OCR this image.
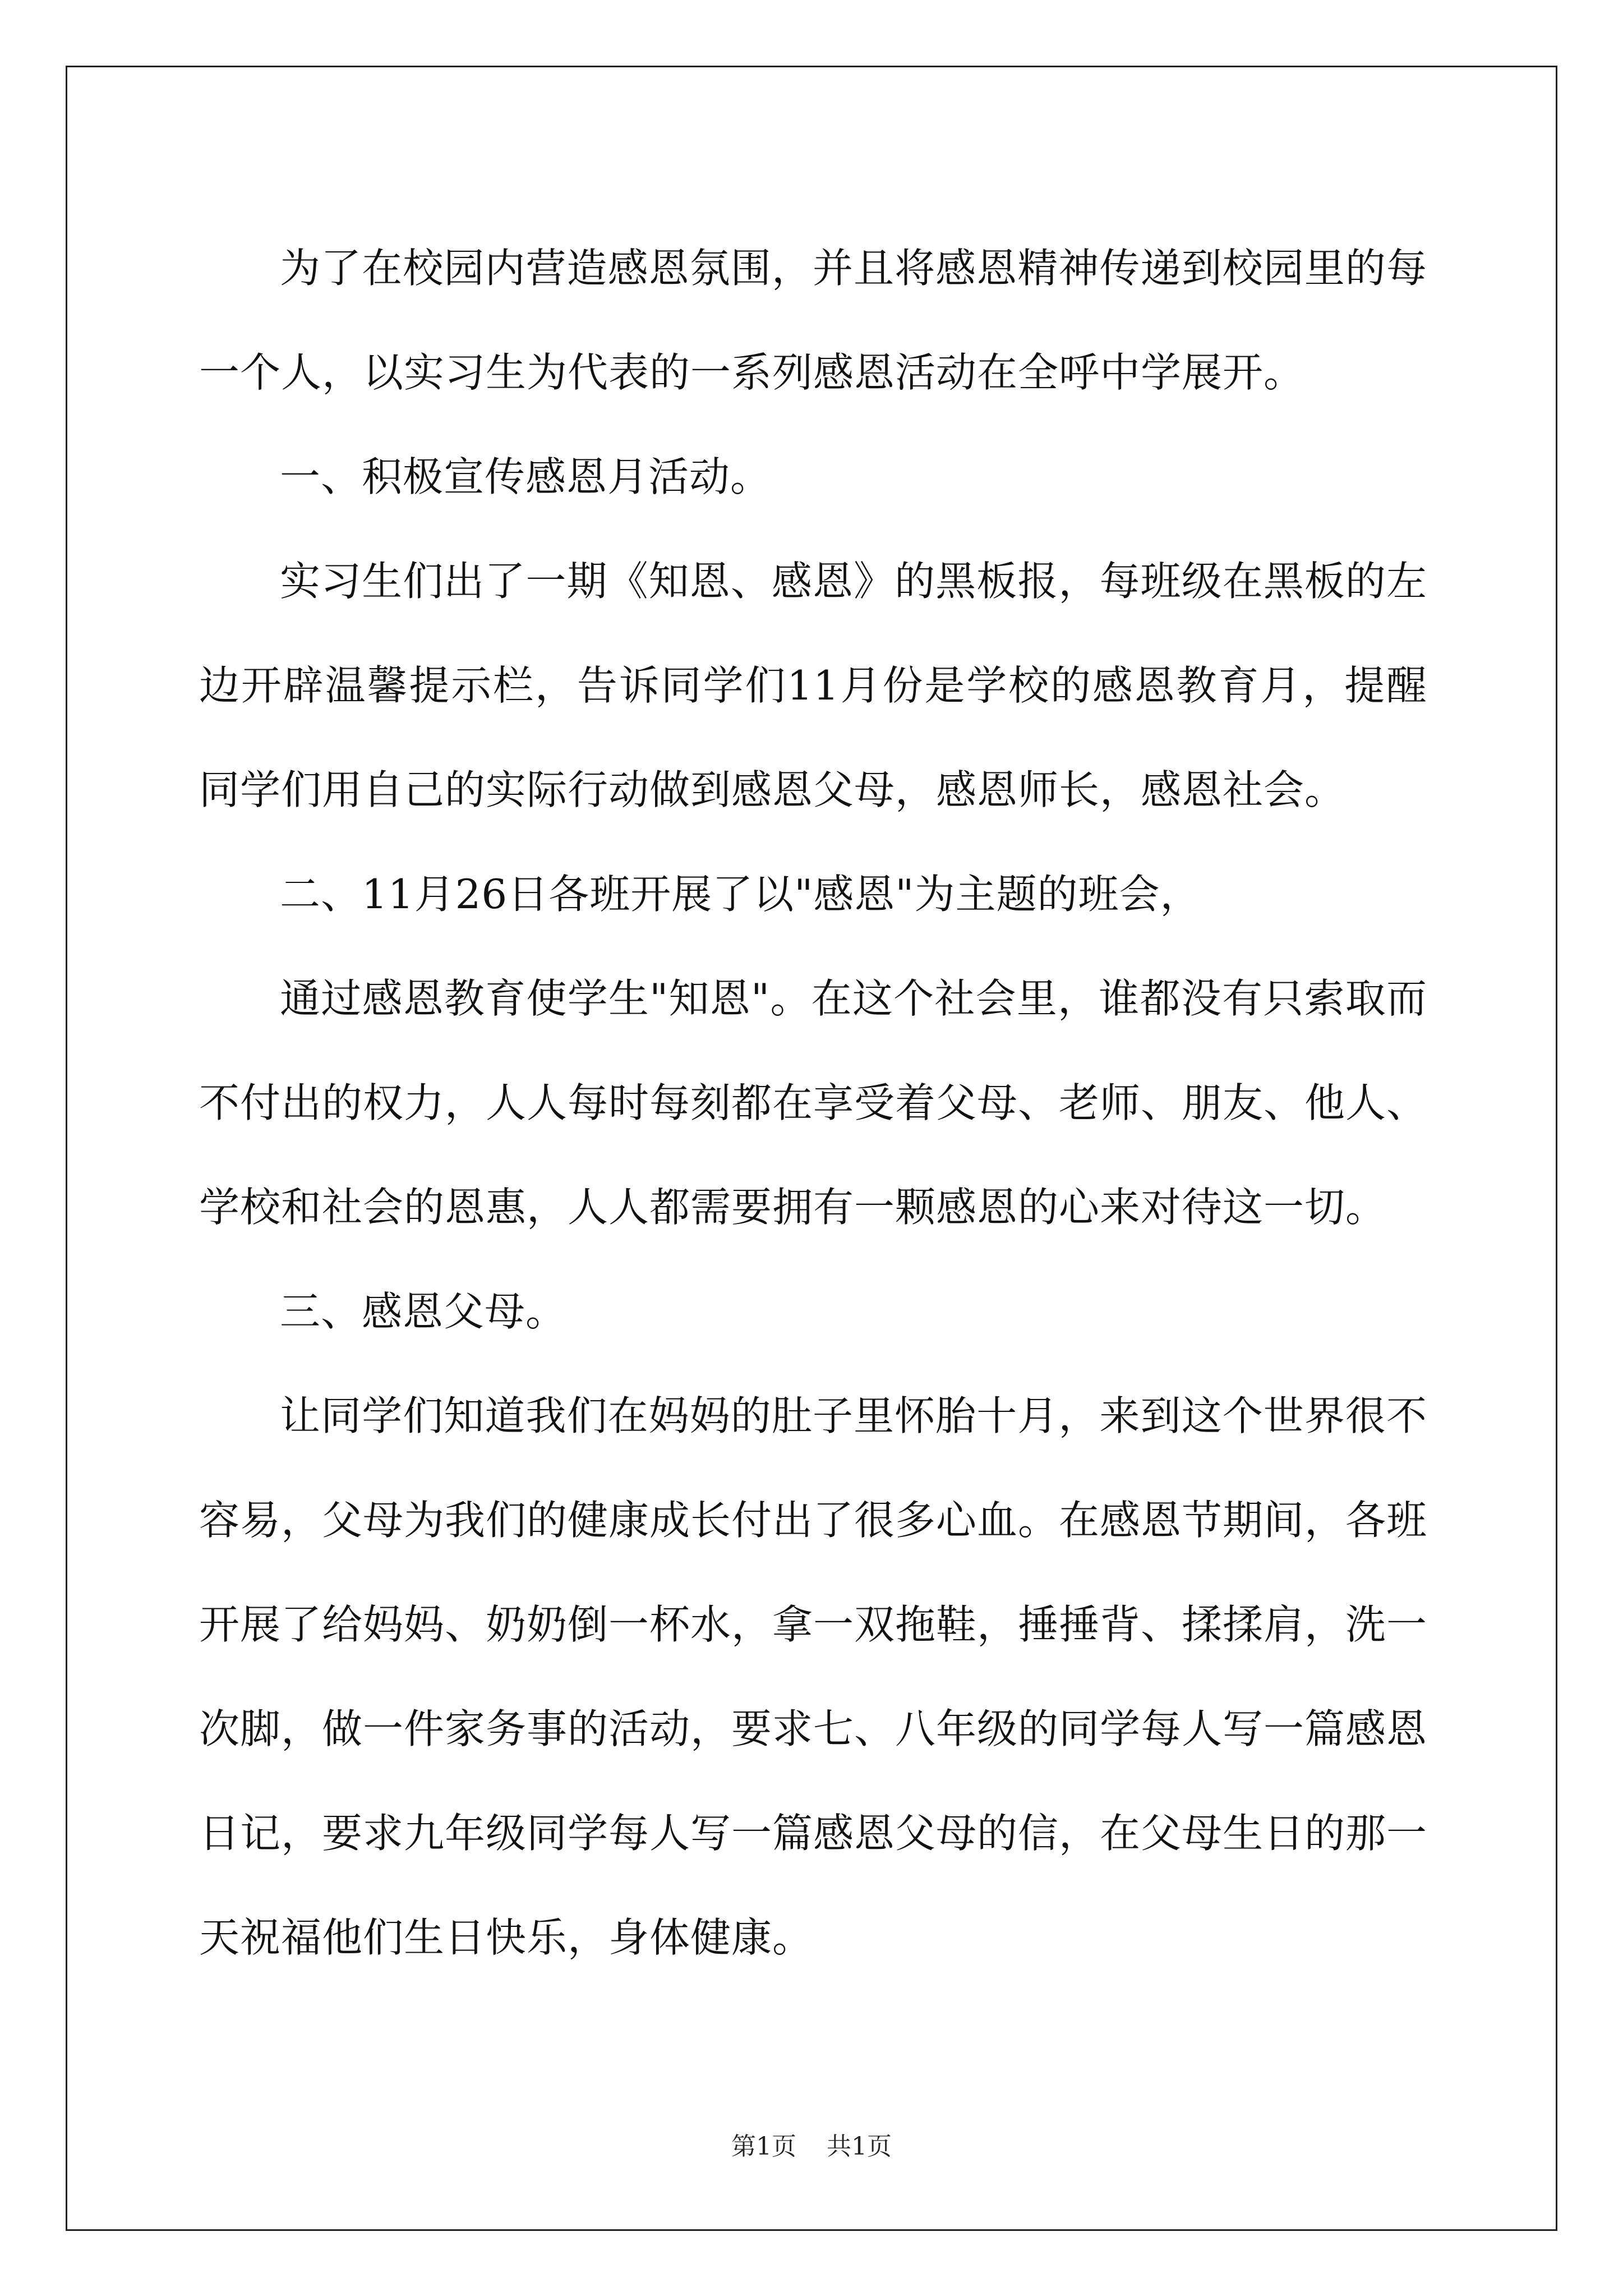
为了在校园内营造感恩氛围，并且将感恩精神传递到校园里的每一个人，以实习生为代表的一系列感恩活动在全呼中学展开。

一、积极宣传感恩月活动。

实习生们出了一期《知恩、感恩》的黑板报，每班级在黑板的左边开辟温馨提示栏，告诉同学们11月份是学校的感恩教育月，提醒同学们用自己的实际行动做到感恩父母，感恩师长，感恩社会。

二、11月26日各班开展了以"感恩"为主题的班会，

通过感恩教育使学生"知恩"。在这个社会里，谁都没有只索取而不付出的权力，人人每时每刻都在享受着父母、老师、朋友、他人、学校和社会的恩惠，人人都需要拥有一颗感恩的心来对待这一切。

三、感恩父母。

让同学们知道我们在妈妈的肚子里怀胎十月，来到这个世界很不容易，父母为我们的健康成长付出了很多心血。在感恩节期间，各班开展了给妈妈、奶奶倒一杯水，拿一双拖鞋，捶捶背、揉揉肩，洗一次脚，做一件家务事的活动，要求七、八年级的同学每人写一篇感恩日记，要求九年级同学每人写一篇感恩父母的信，在父母生日的那一天祝福他们生日快乐，身体健康。

第1页 共1页
